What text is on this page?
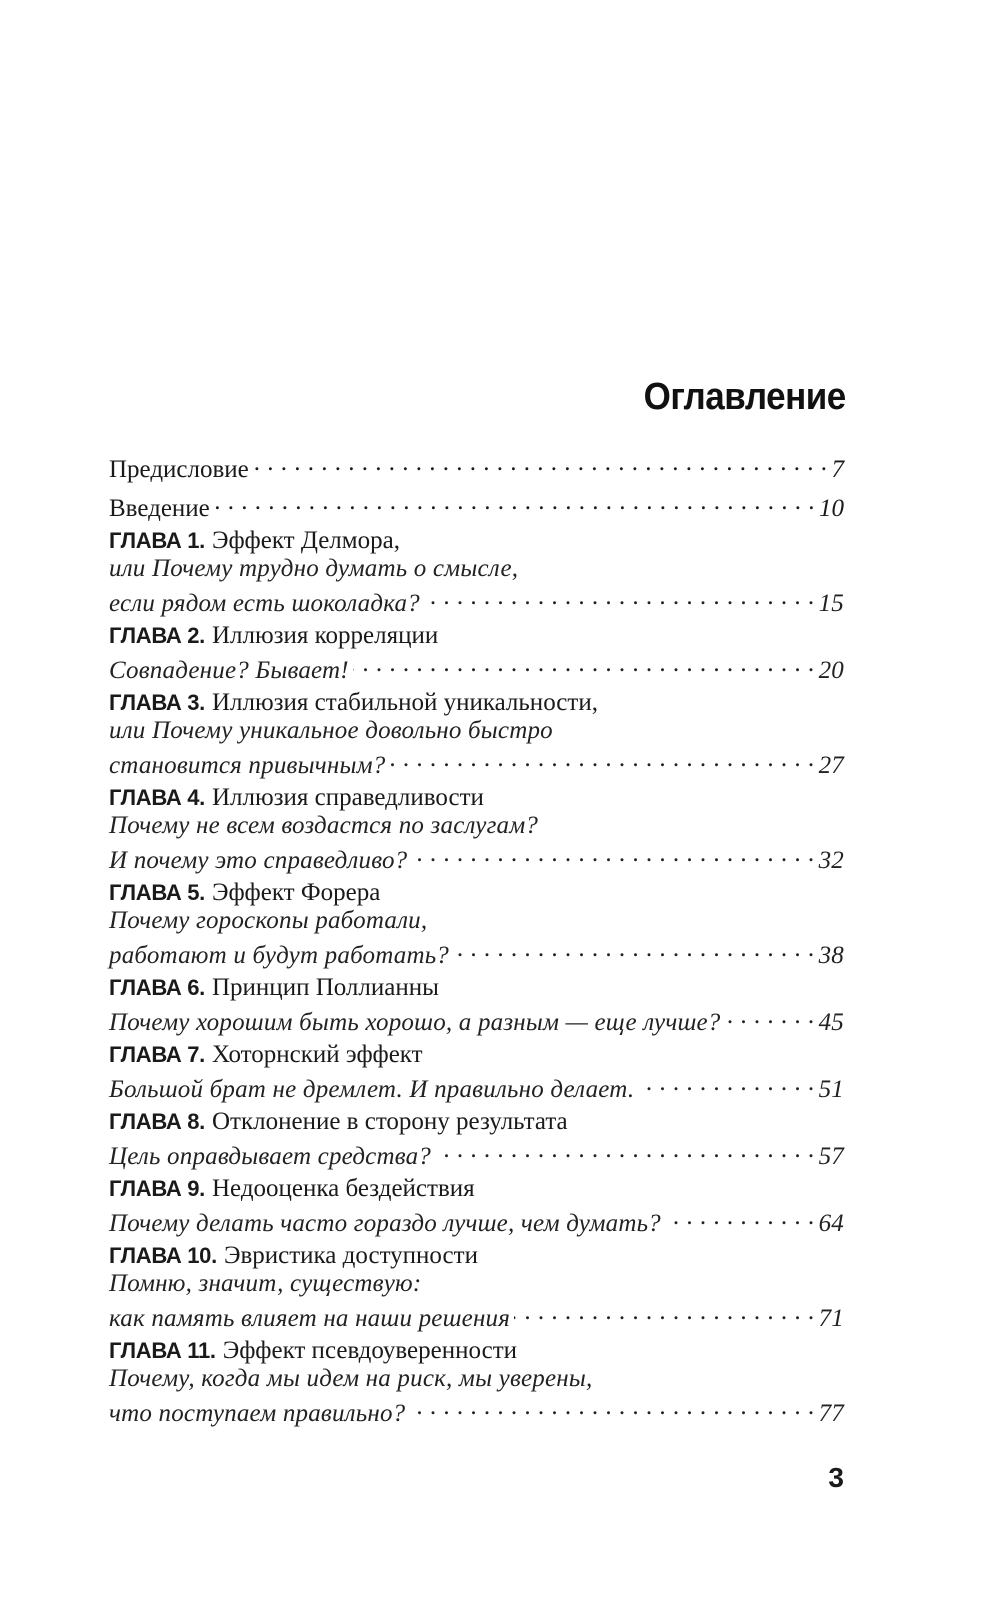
Оглавление
Предисловие . . .	7
Введение . . .	10
ГЛАВА 1. Эффект Делмора,
или Почему трудно думать о смысле,
если рядом есть шоколадка? . . .	15
ГЛАВА 2. Иллюзия корреляции
Совпадение? Бывает! . . .	20
ГЛАВА 3. Иллюзия стабильной уникальности,
или Почему уникальное довольно быстро
становится привычным? . . .	27
ГЛАВА 4. Иллюзия справедливости
Почему не всем воздастся по заслугам?
И почему это справедливо? . . .	32
ГЛАВА 5. Эффект Форера
Почему гороскопы работали,
работают и будут работать? . . .	38
ГЛАВА 6. Принцип Поллианны
Почему хорошим быть хорошо, а разным — еще лучше? . . .	45
ГЛАВА 7. Хоторнский эффект
Большой брат не дремлет. И правильно делает. . . .	51
ГЛАВА 8. Отклонение в сторону результата
Цель оправдывает средства? . . .	57
ГЛАВА 9. Недооценка бездействия
Почему делать часто гораздо лучше, чем думать? . . .	64
ГЛАВА 10. Эвристика доступности
Помню, значит, существую:
как память влияет на наши решения . . .	71
ГЛАВА 11. Эффект псевдоуверенности
Почему, когда мы идем на риск, мы уверены,
что поступаем правильно? . . .	77
3
